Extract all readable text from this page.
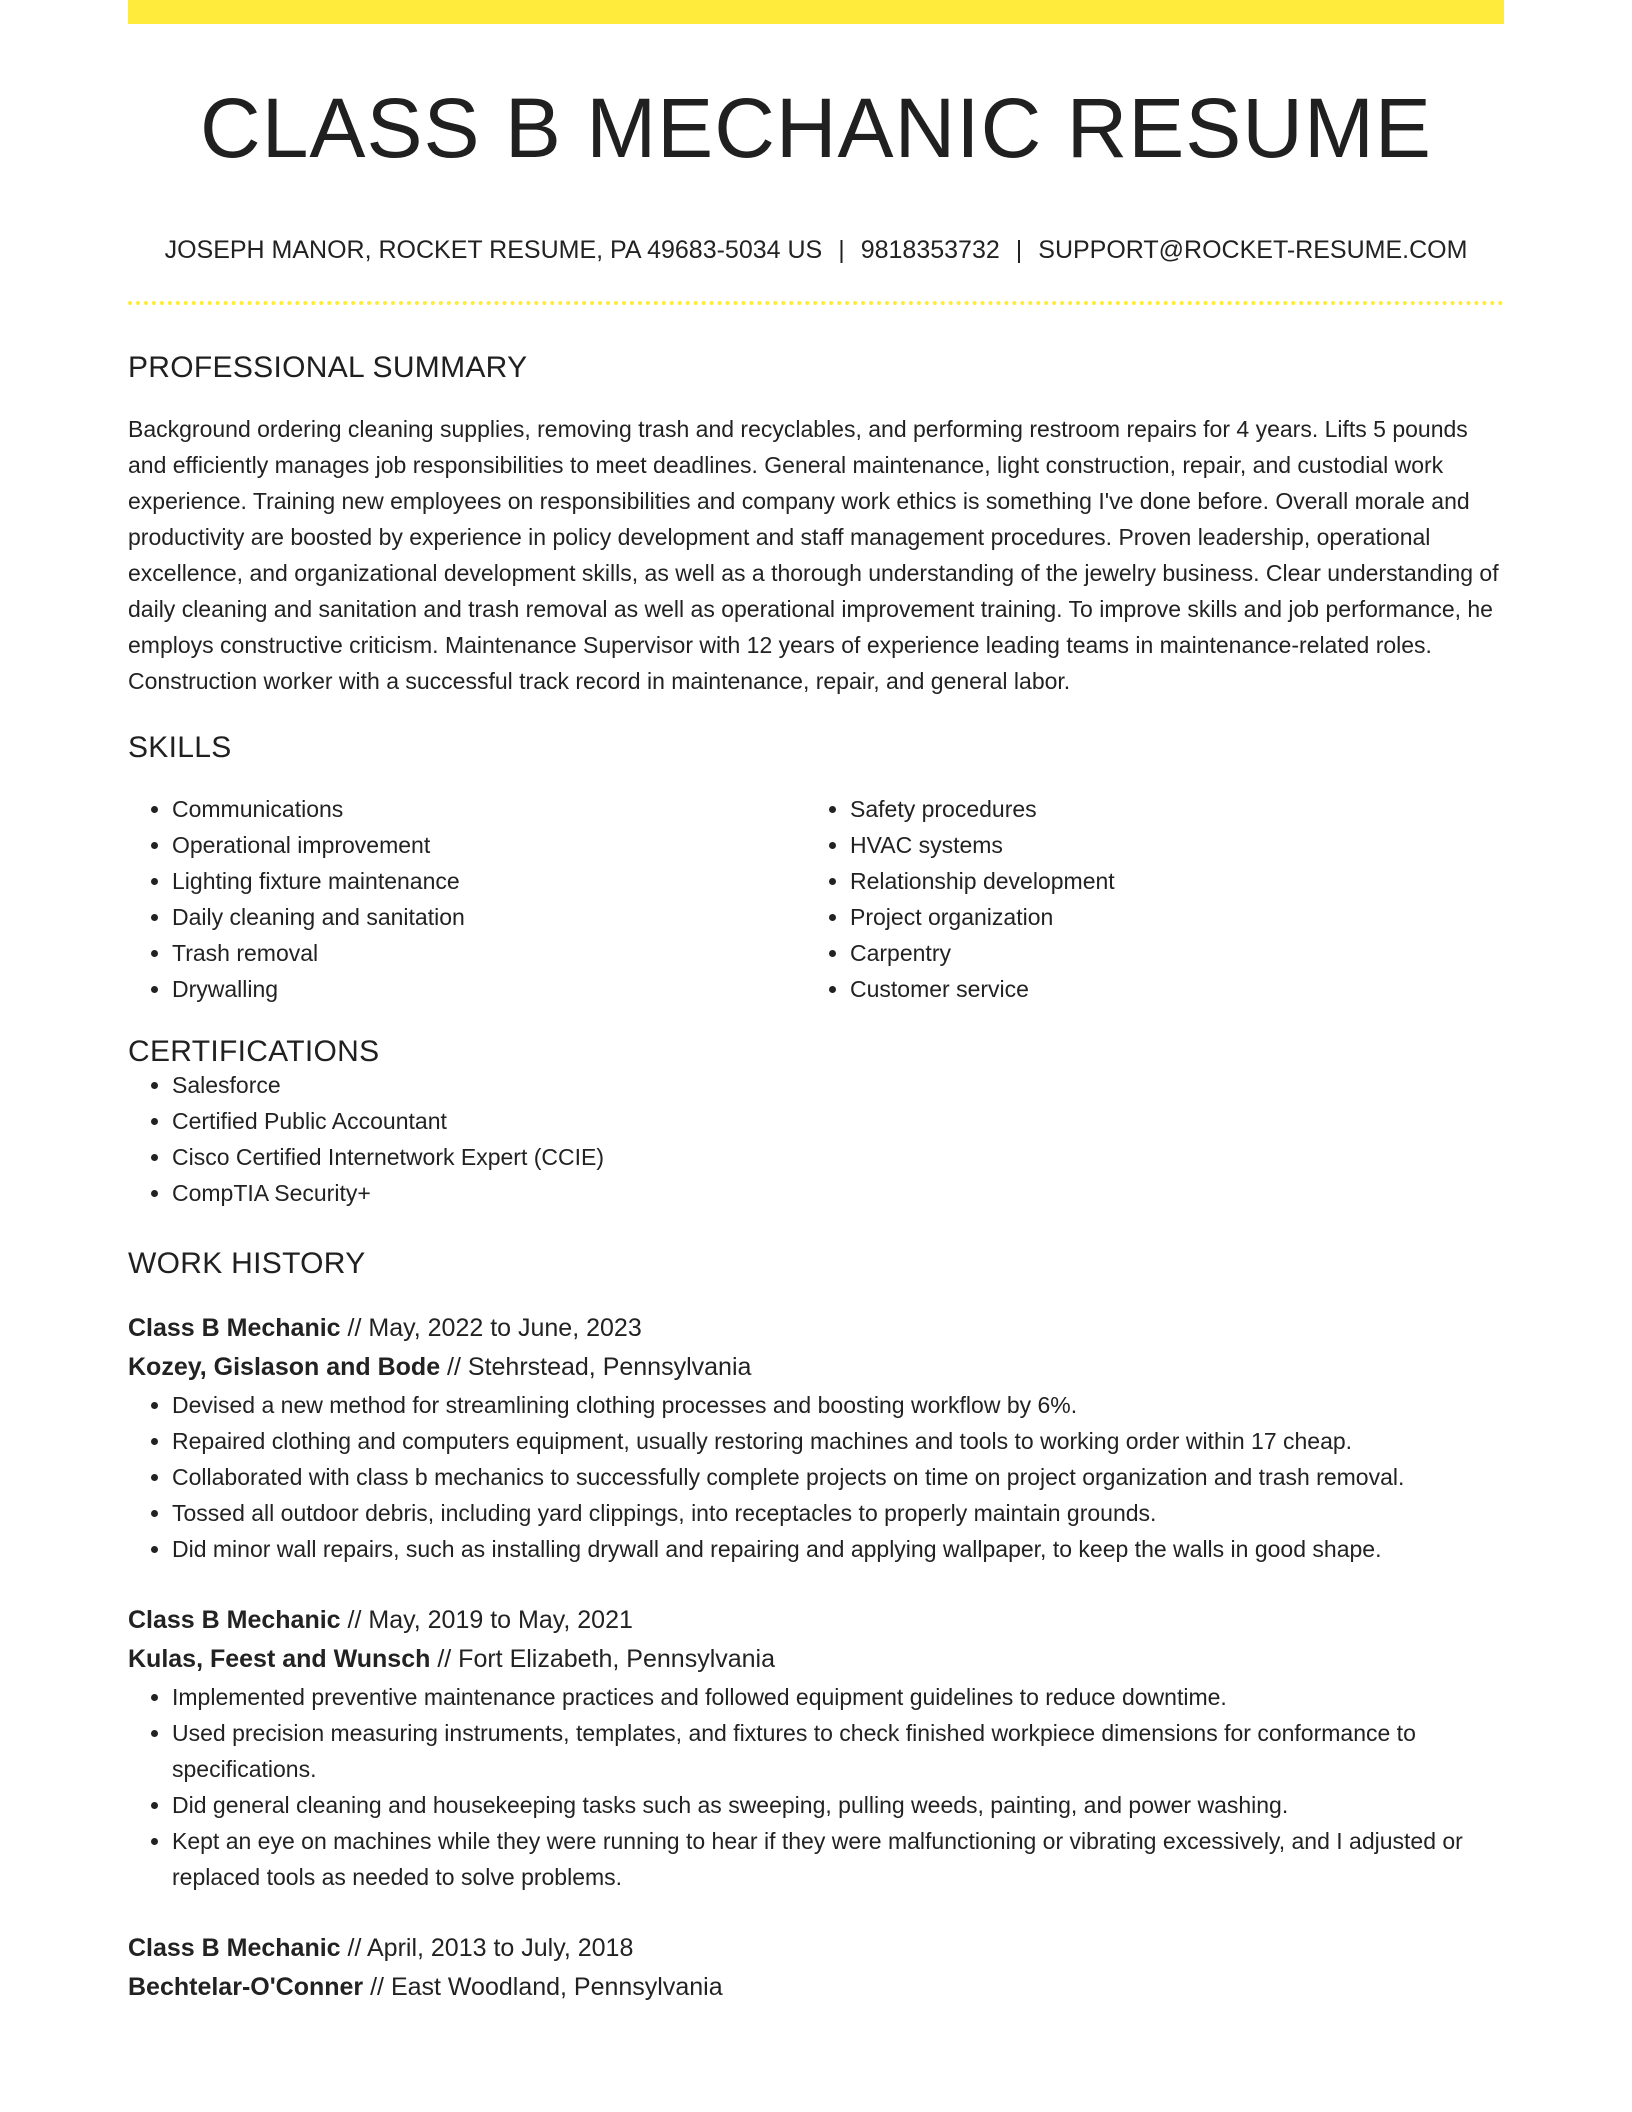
CLASS B MECHANIC RESUME
JOSEPH MANOR, ROCKET RESUME, PA 49683-5034 US | 9818353732 | SUPPORT@ROCKET-RESUME.COM
PROFESSIONAL SUMMARY

Background ordering cleaning supplies, removing trash and recyclables, and performing restroom repairs for 4 years. Lifts 5 pounds and efficiently manages job responsibilities to meet deadlines. General maintenance, light construction, repair, and custodial work experience. Training new employees on responsibilities and company work ethics is something I've done before. Overall morale and productivity are boosted by experience in policy development and staff management procedures. Proven leadership, operational excellence, and organizational development skills, as well as a thorough understanding of the jewelry business. Clear understanding of daily cleaning and sanitation and trash removal as well as operational improvement training. To improve skills and job performance, he employs constructive criticism. Maintenance Supervisor with 12 years of experience leading teams in maintenance-related roles. Construction worker with a successful track record in maintenance, repair, and general labor.

SKILLS
• Communications
• Operational improvement
• Lighting fixture maintenance
• Daily cleaning and sanitation
• Trash removal
• Drywalling
• Safety procedures
• HVAC systems
• Relationship development
• Project organization
• Carpentry
• Customer service
CERTIFICATIONS
• Salesforce
• Certified Public Accountant
• Cisco Certified Internetwork Expert (CCIE)
• CompTIA Security+
WORK HISTORY
Class B Mechanic // May, 2022 to June, 2023
Kozey, Gislason and Bode // Stehrstead, Pennsylvania
• Devised a new method for streamlining clothing processes and boosting workflow by 6%.
• Repaired clothing and computers equipment, usually restoring machines and tools to working order within 17 cheap.
• Collaborated with class b mechanics to successfully complete projects on time on project organization and trash removal.
• Tossed all outdoor debris, including yard clippings, into receptacles to properly maintain grounds.
• Did minor wall repairs, such as installing drywall and repairing and applying wallpaper, to keep the walls in good shape.
Class B Mechanic // May, 2019 to May, 2021
Kulas, Feest and Wunsch // Fort Elizabeth, Pennsylvania
• Implemented preventive maintenance practices and followed equipment guidelines to reduce downtime.
• Used precision measuring instruments, templates, and fixtures to check finished workpiece dimensions for conformance to specifications.
• Did general cleaning and housekeeping tasks such as sweeping, pulling weeds, painting, and power washing.
• Kept an eye on machines while they were running to hear if they were malfunctioning or vibrating excessively, and I adjusted or replaced tools as needed to solve problems.
Class B Mechanic // April, 2013 to July, 2018
Bechtelar-O'Conner // East Woodland, Pennsylvania
